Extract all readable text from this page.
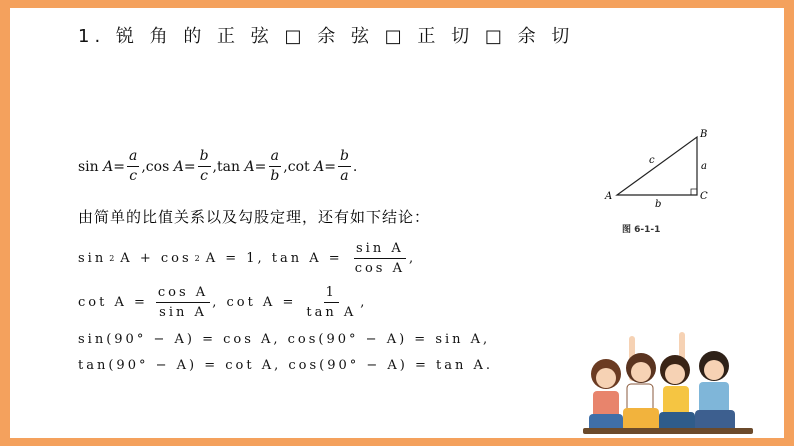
1. 锐 角 的 正 弦 □ 余 弦 □ 正 切 □ 余 切
sin
$A = \frac{a}{c} ,\cos$
$A = \frac{b}{c} ,\tan$
$A = \frac{a}{b} ,\cot$
$A = \frac{b}{a}$ .
由简单的比值关系以及勾股定理，还有如下结论：
sin 2 A + cos 2 A = 1, $\tan A = \frac{\text{sin A}}{\text{cos A}}$ ,
$\cot A = \frac{\text{cos A}}{\text{sin A}}$ , $\cot A = \frac{1}{\text{tan A}}$ ,
sin(90° − A) = cos A, cos(90° − A) = sin A,
tan(90° − A) = cot A, cos(90° − A) = tan A.
A
B
C
a
b
c
图 6-1-1
